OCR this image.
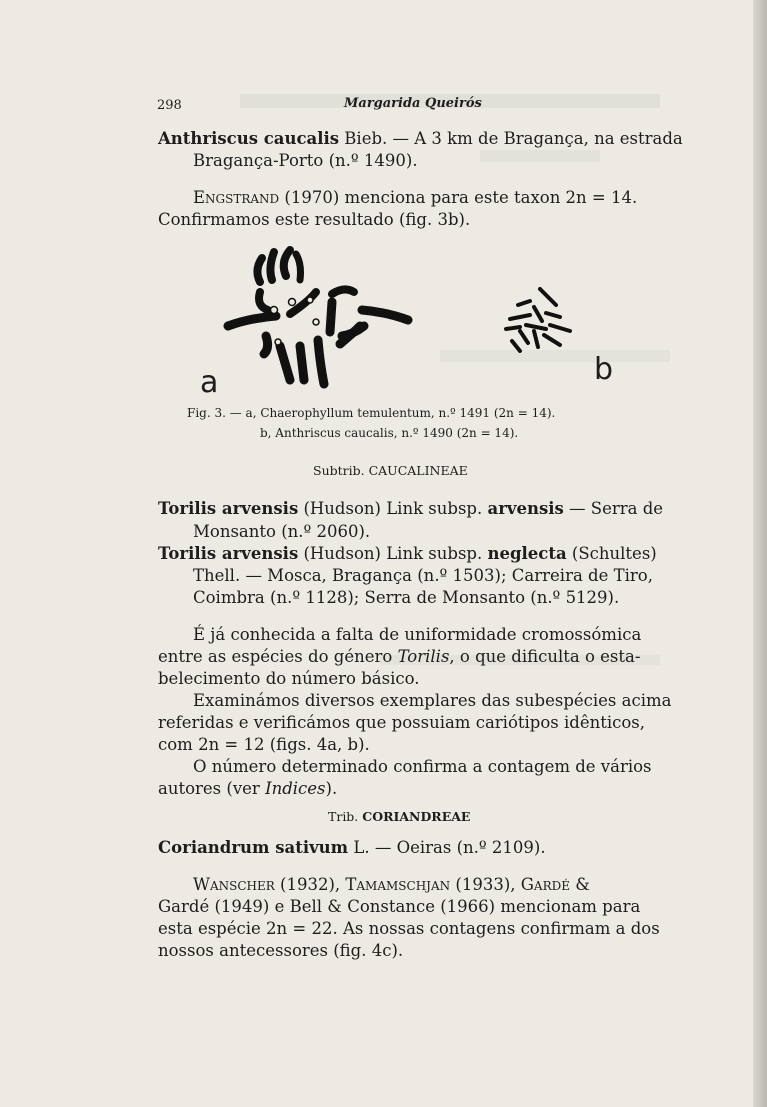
298	Margarida Queirós
Anthriscus caucalis Bieb. — A 3 km de Bragança, na estrada
Bragança-Porto (n.º 1490).
Engstrand (1970) menciona para este taxon 2n = 14.
Confirmamos este resultado (fig. 3b).
a	b
Fig. 3. — a, Chaerophyllum temulentum, n.º 1491 (2n = 14).
b, Anthriscus caucalis, n.º 1490 (2n = 14).
Subtrib. CAUCALINEAE
Torilis arvensis (Hudson) Link subsp. arvensis — Serra de
Monsanto (n.º 2060).
Torilis arvensis (Hudson) Link subsp. neglecta (Schultes)
Thell. — Mosca, Bragança (n.º 1503); Carreira de Tiro,
Coimbra (n.º 1128); Serra de Monsanto (n.º 5129).
É já conhecida a falta de uniformidade cromossómica
entre as espécies do género Torilis, o que dificulta o esta-
belecimento do número básico.
Examinámos diversos exemplares das subespécies acima
referidas e verificámos que possuiam cariótipos idênticos,
com 2n = 12 (figs. 4a, b).
O número determinado confirma a contagem de vários
autores (ver Indices).
Trib. CORIANDREAE
Coriandrum sativum L. — Oeiras (n.º 2109).
Wanscher (1932), Tamamschjan (1933), Gardé &
Gardé (1949) e Bell & Constance (1966) mencionam para
esta espécie 2n = 22. As nossas contagens confirmam a dos
nossos antecessores (fig. 4c).
